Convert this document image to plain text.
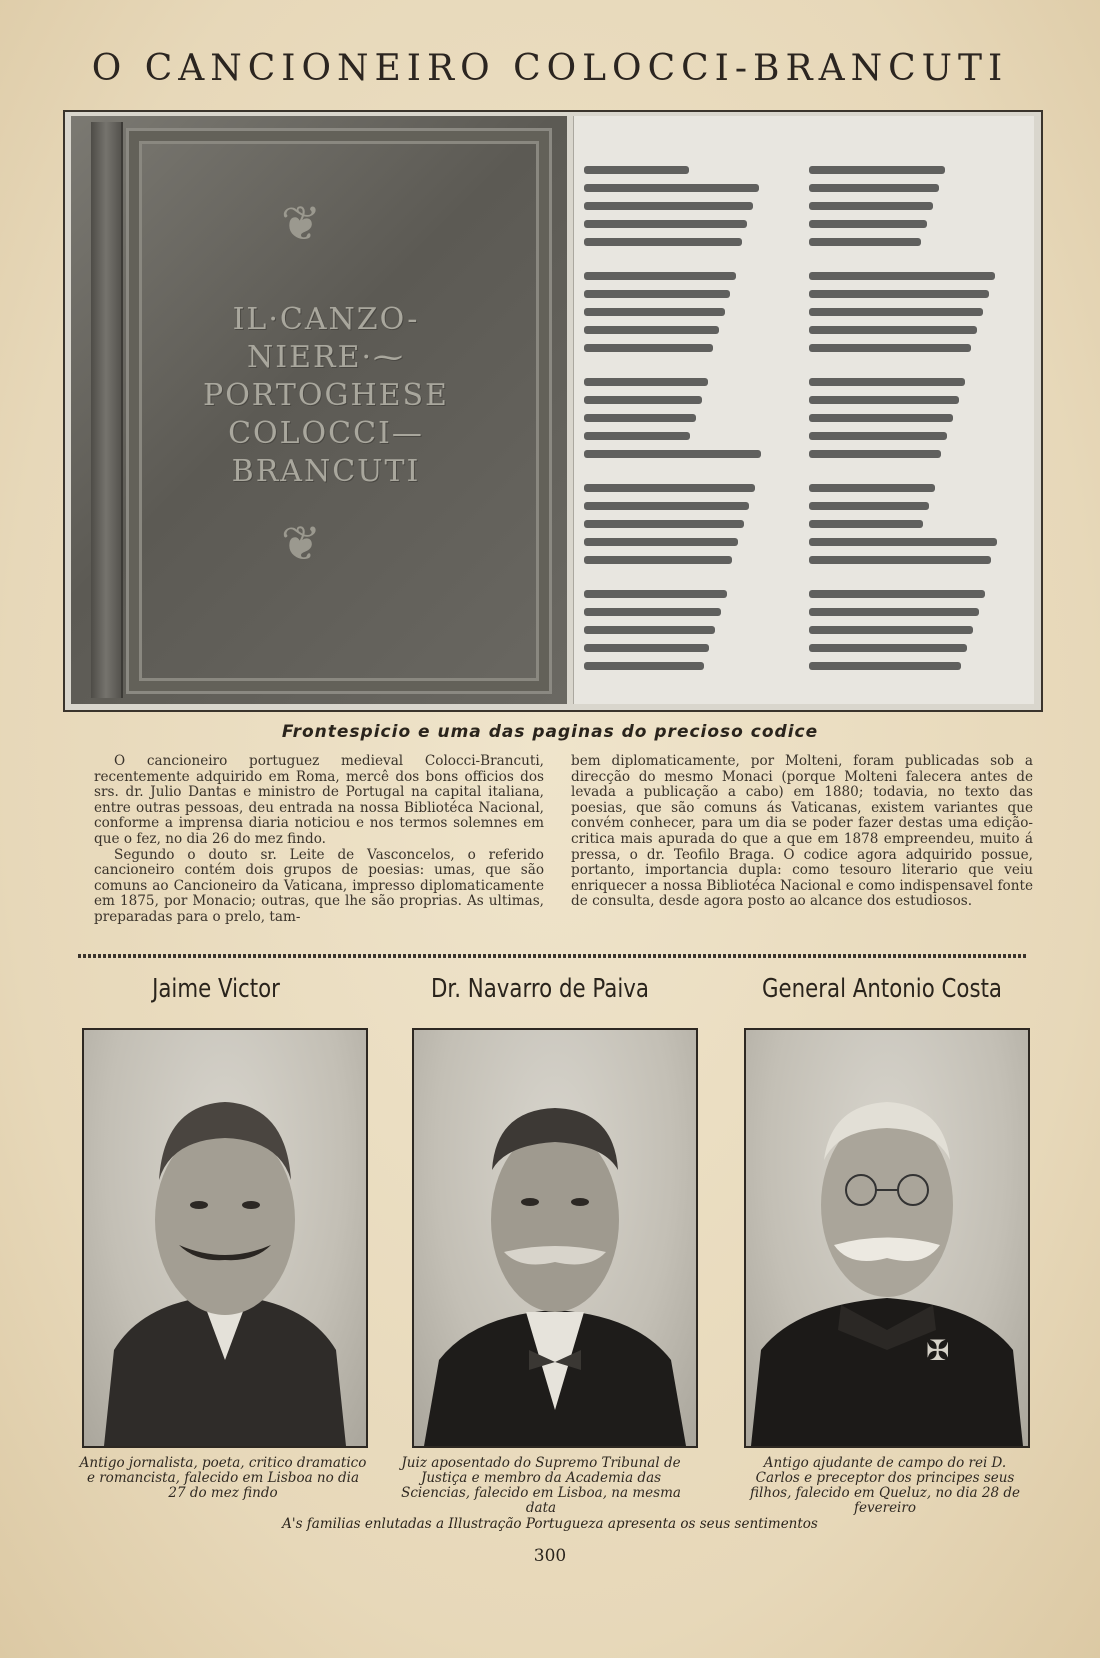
O CANCIONEIRO COLOCCI-BRANCUTI
❦
IL·CANZO-
NIERE·⁓
PORTOGHESE
COLOCCI—
BRANCUTI
❦
Frontespicio e uma das paginas do precioso codice

O cancioneiro portuguez medieval Colocci-Brancuti, recentemente adquirido em Roma, mercê dos bons officios dos srs. dr. Julio Dantas e ministro de Portugal na capital italiana, entre outras pessoas, deu entrada na nossa Bibliotéca Nacional, conforme a imprensa diaria noticiou e nos termos solemnes em que o fez, no dia 26 do mez findo.

Segundo o douto sr. Leite de Vasconcelos, o referido cancioneiro contém dois grupos de poesias: umas, que são comuns ao Cancioneiro da Vaticana, impresso diplomaticamente em 1875, por Monacio; outras, que lhe são proprias. As ultimas, preparadas para o prelo, tam-

bem diplomaticamente, por Molteni, foram publicadas sob a direcção do mesmo Monaci (porque Molteni falecera antes de levada a publicação a cabo) em 1880; todavia, no texto das poesias, que são comuns ás Vaticanas, existem variantes que convém conhecer, para um dia se poder fazer destas uma edição-critica mais apurada do que a que em 1878 empreendeu, muito á pressa, o dr. Teofilo Braga. O codice agora adquirido possue, portanto, importancia dupla: como tesouro literario que veiu enriquecer a nossa Bibliotéca Nacional e como indispensavel fonte de consulta, desde agora posto ao alcance dos estudiosos.

Jaime Victor
Antigo jornalista, poeta, critico dramatico e romancista, falecido em Lisboa no dia 27 do mez findo
Dr. Navarro de Paiva
Juiz aposentado do Supremo Tribunal de Justiça e membro da Academia das Sciencias, falecido em Lisboa, na mesma data
General Antonio Costa
✠
Antigo ajudante de campo do rei D. Carlos e preceptor dos principes seus filhos, falecido em Queluz, no dia 28 de fevereiro
A's familias enlutadas a Illustração Portugueza apresenta os seus sentimentos
300
